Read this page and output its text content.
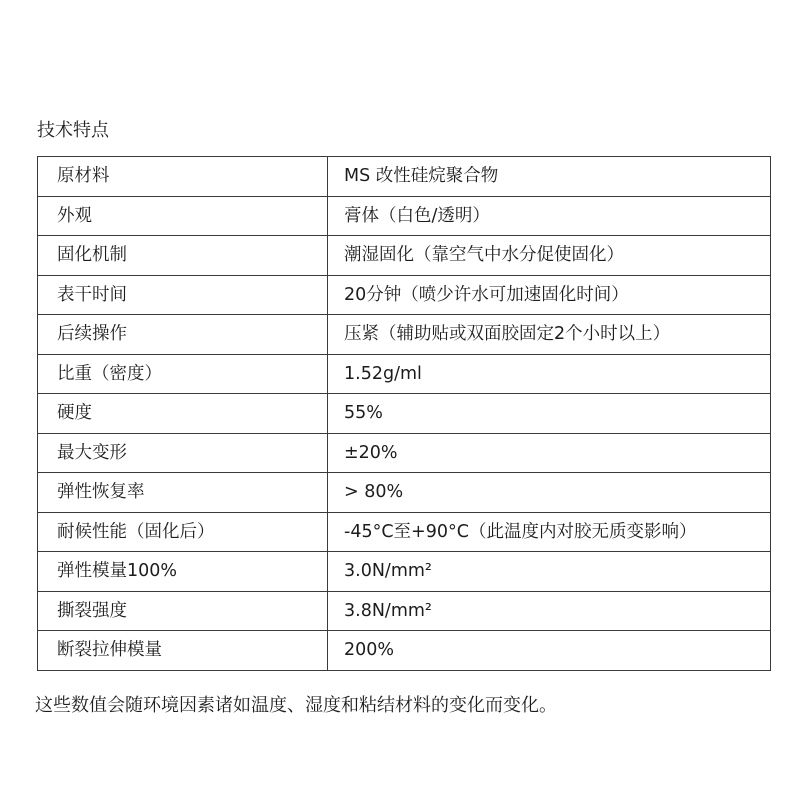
技术特点
原材料	MS 改性硅烷聚合物
外观	膏体（白色/透明）
固化机制	潮湿固化（靠空气中水分促使固化）
表干时间	20分钟（喷少许水可加速固化时间）
后续操作	压紧（辅助贴或双面胶固定2个小时以上）
比重（密度）	1.52g/ml
硬度	55%
最大变形	±20%
弹性恢复率	> 80%
耐候性能（固化后）	-45°C至+90°C（此温度内对胶无质变影响）
弹性模量100%	3.0N/mm²
撕裂强度	3.8N/mm²
断裂拉伸模量	200%
这些数值会随环境因素诸如温度、湿度和粘结材料的变化而变化。
